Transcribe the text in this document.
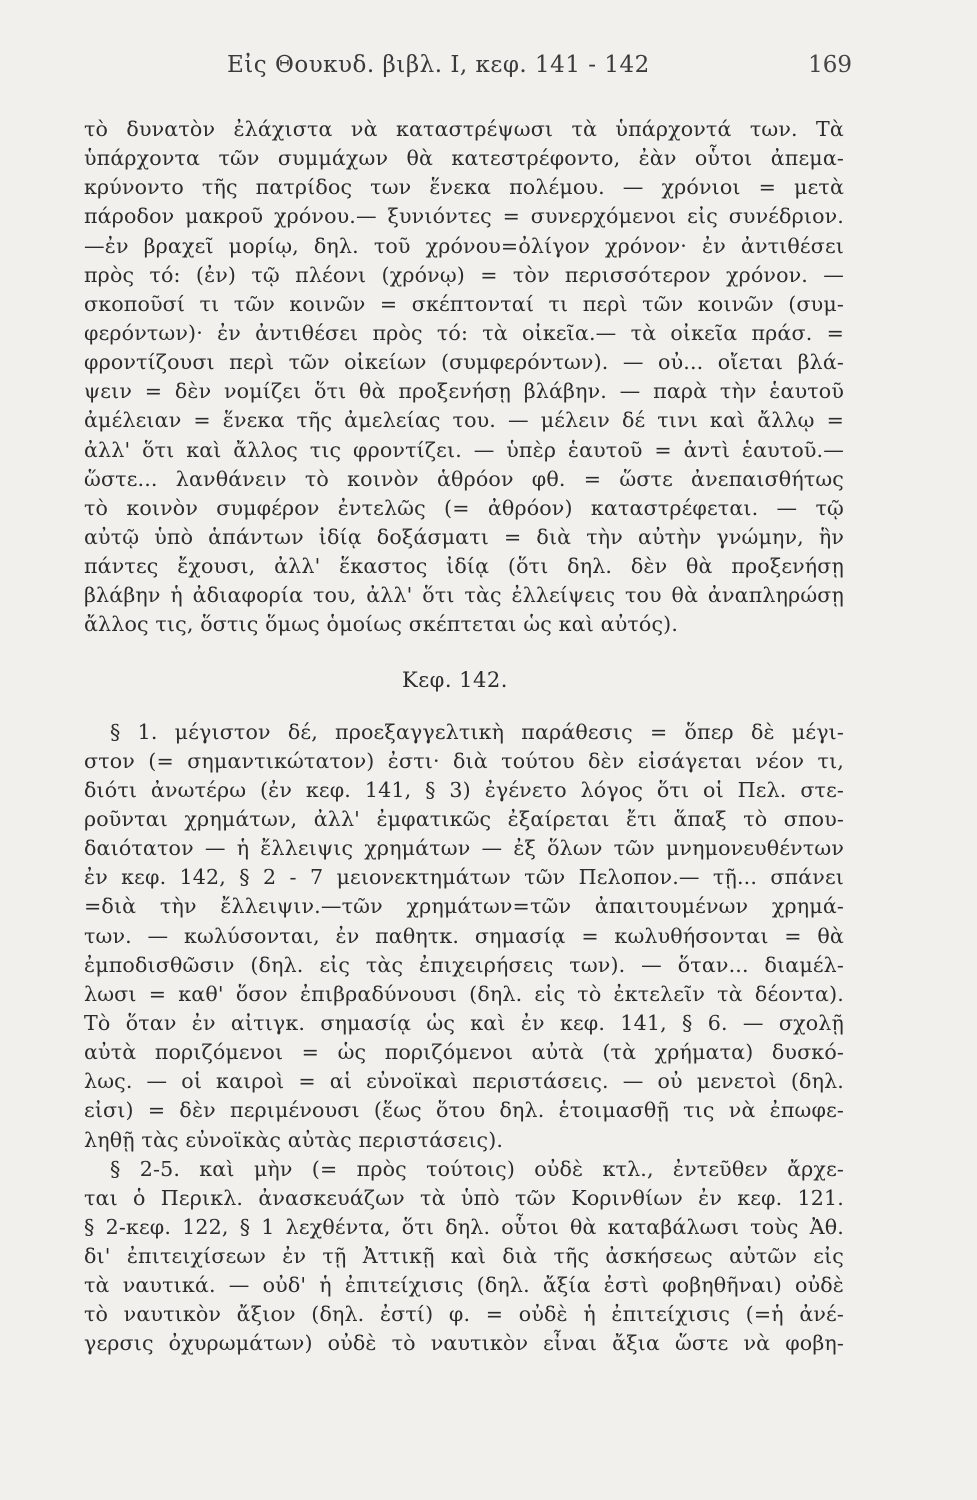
Εἰς Θουκυδ. βιβλ. Ι, κεφ. 141 - 142	169
τὸ δυνατὸν ἐλάχιστα νὰ καταστρέψωσι τὰ ὑπάρχοντά των. Τὰ
ὑπάρχοντα τῶν συμμάχων θὰ κατεστρέφοντο, ἐὰν οὗτοι ἀπεμα-
κρύνοντο τῆς πατρίδος των ἕνεκα πολέμου. — χρόνιοι = μετὰ
πάροδον μακροῦ χρόνου.— ξυνιόντες = συνερχόμενοι εἰς συνέδριον.
—ἐν βραχεῖ μορίῳ, δηλ. τοῦ χρόνου=ὀλίγον χρόνον· ἐν ἀντιθέσει
πρὸς τό: (ἐν) τῷ πλέονι (χρόνῳ) = τὸν περισσότερον χρόνον. —
σκοποῦσί τι τῶν κοινῶν = σκέπτονταί τι περὶ τῶν κοινῶν (συμ-
φερόντων)· ἐν ἀντιθέσει πρὸς τό: τὰ οἰκεῖα.— τὰ οἰκεῖα πράσ. =
φροντίζουσι περὶ τῶν οἰκείων (συμφερόντων). — οὐ... οἴεται βλά-
ψειν = δὲν νομίζει ὅτι θὰ προξενήσῃ βλάβην. — παρὰ τὴν ἑαυτοῦ
ἀμέλειαν = ἕνεκα τῆς ἀμελείας του. — μέλειν δέ τινι καὶ ἄλλῳ =
ἀλλ' ὅτι καὶ ἄλλος τις φροντίζει. — ὑπὲρ ἑαυτοῦ = ἀντὶ ἑαυτοῦ.—
ὥστε... λανθάνειν τὸ κοινὸν ἁθρόον φθ. = ὥστε ἀνεπαισθήτως
τὸ κοινὸν συμφέρον ἐντελῶς (= ἀθρόον) καταστρέφεται. — τῷ
αὐτῷ ὑπὸ ἁπάντων ἰδίᾳ δοξάσματι = διὰ τὴν αὐτὴν γνώμην, ἣν
πάντες ἔχουσι, ἀλλ' ἕκαστος ἰδίᾳ (ὅτι δηλ. δὲν θὰ προξενήσῃ
βλάβην ἡ ἀδιαφορία του, ἀλλ' ὅτι τὰς ἐλλείψεις του θὰ ἀναπληρώσῃ
ἄλλος τις, ὅστις ὅμως ὁμοίως σκέπτεται ὡς καὶ αὐτός).
Κεφ. 142.
§ 1. μέγιστον δέ, προεξαγγελτικὴ παράθεσις = ὅπερ δὲ μέγι-
στον (= σημαντικώτατον) ἐστι· διὰ τούτου δὲν εἰσάγεται νέον τι,
διότι ἀνωτέρω (ἐν κεφ. 141, § 3) ἐγένετο λόγος ὅτι οἱ Πελ. στε-
ροῦνται χρημάτων, ἀλλ' ἐμφατικῶς ἐξαίρεται ἔτι ἅπαξ τὸ σπου-
δαιότατον — ἡ ἔλλειψις χρημάτων — ἐξ ὅλων τῶν μνημονευθέντων
ἐν κεφ. 142, § 2 - 7 μειονεκτημάτων τῶν Πελοπον.— τῇ... σπάνει
=διὰ τὴν ἔλλειψιν.—τῶν χρημάτων=τῶν ἀπαιτουμένων χρημά-
των. — κωλύσονται, ἐν παθητκ. σημασίᾳ = κωλυθήσονται = θὰ
ἐμποδισθῶσιν (δηλ. εἰς τὰς ἐπιχειρήσεις των). — ὅταν... διαμέλ-
λωσι = καθ' ὅσον ἐπιβραδύνουσι (δηλ. εἰς τὸ ἐκτελεῖν τὰ δέοντα).
Τὸ ὅταν ἐν αἰτιγκ. σημασίᾳ ὡς καὶ ἐν κεφ. 141, § 6. — σχολῇ
αὐτὰ ποριζόμενοι = ὡς ποριζόμενοι αὐτὰ (τὰ χρήματα) δυσκό-
λως. — οἱ καιροὶ = αἱ εὐνοϊκαὶ περιστάσεις. — οὐ μενετοὶ (δηλ.
εἰσι) = δὲν περιμένουσι (ἕως ὅτου δηλ. ἑτοιμασθῇ τις νὰ ἐπωφε-
ληθῇ τὰς εὐνοϊκὰς αὐτὰς περιστάσεις).
§ 2-5. καὶ μὴν (= πρὸς τούτοις) οὐδὲ κτλ., ἐντεῦθεν ἄρχε-
ται ὁ Περικλ. ἀνασκευάζων τὰ ὑπὸ τῶν Κορινθίων ἐν κεφ. 121.
§ 2-κεφ. 122, § 1 λεχθέντα, ὅτι δηλ. οὗτοι θὰ καταβάλωσι τοὺς Ἀθ.
δι' ἐπιτειχίσεων ἐν τῇ Ἀττικῇ καὶ διὰ τῆς ἀσκήσεως αὐτῶν εἰς
τὰ ναυτικά. — οὐδ' ἡ ἐπιτείχισις (δηλ. ἄξία ἐστὶ φοβηθῆναι) οὐδὲ
τὸ ναυτικὸν ἄξιον (δηλ. ἐστί) φ. = οὐδὲ ἡ ἐπιτείχισις (=ἡ ἀνέ-
γερσις ὀχυρωμάτων) οὐδὲ τὸ ναυτικὸν εἶναι ἄξια ὥστε νὰ φοβη-
